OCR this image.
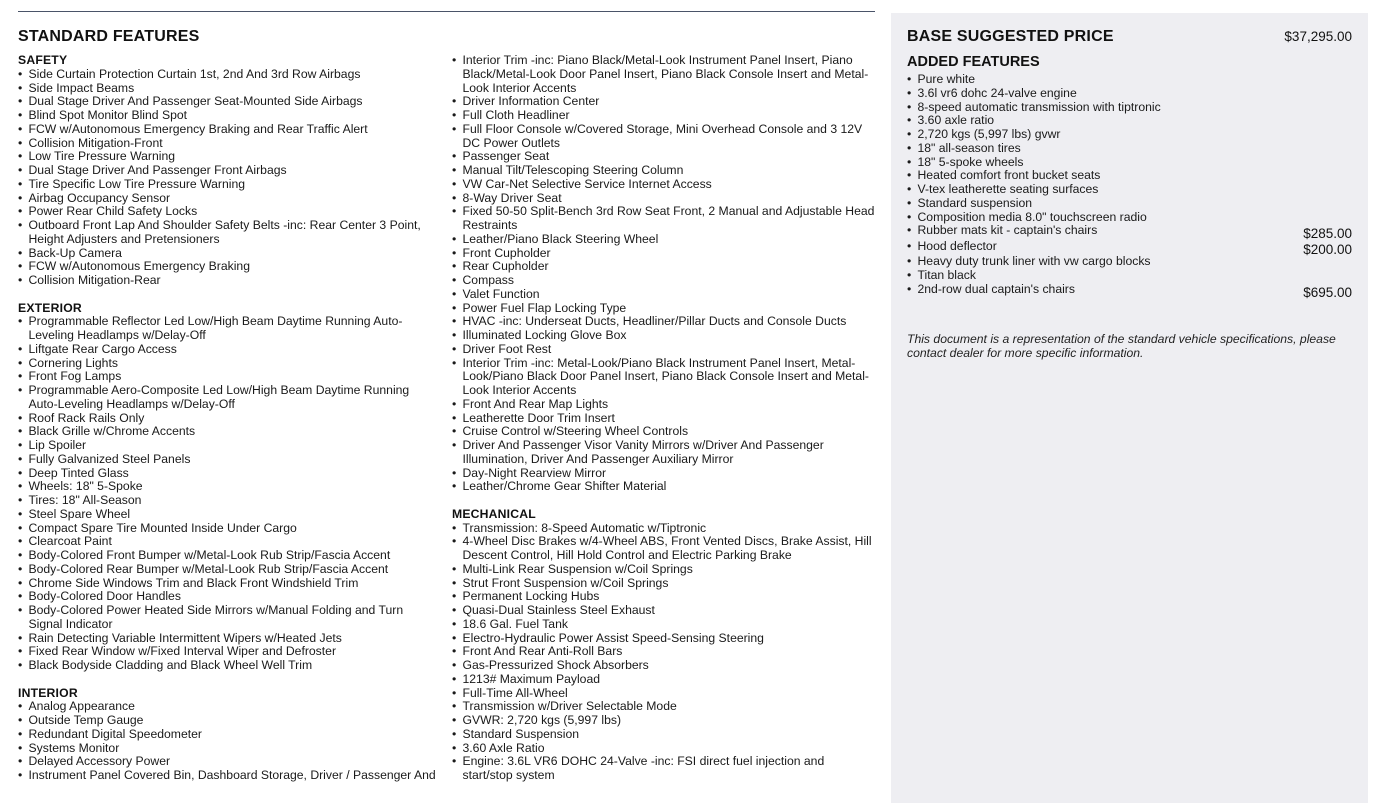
STANDARD FEATURES
SAFETY
• Side Curtain Protection Curtain 1st, 2nd And 3rd Row Airbags
• Side Impact Beams
• Dual Stage Driver And Passenger Seat-Mounted Side Airbags
• Blind Spot Monitor Blind Spot
• FCW w/Autonomous Emergency Braking and Rear Traffic Alert
• Collision Mitigation-Front
• Low Tire Pressure Warning
• Dual Stage Driver And Passenger Front Airbags
• Tire Specific Low Tire Pressure Warning
• Airbag Occupancy Sensor
• Power Rear Child Safety Locks
• Outboard Front Lap And Shoulder Safety Belts -inc: Rear Center 3 Point, Height Adjusters and Pretensioners
• Back-Up Camera
• FCW w/Autonomous Emergency Braking
• Collision Mitigation-Rear
EXTERIOR
• Programmable Reflector Led Low/High Beam Daytime Running Auto-Leveling Headlamps w/Delay-Off
• Liftgate Rear Cargo Access
• Cornering Lights
• Front Fog Lamps
• Programmable Aero-Composite Led Low/High Beam Daytime Running Auto-Leveling Headlamps w/Delay-Off
• Roof Rack Rails Only
• Black Grille w/Chrome Accents
• Lip Spoiler
• Fully Galvanized Steel Panels
• Deep Tinted Glass
• Wheels: 18" 5-Spoke
• Tires: 18" All-Season
• Steel Spare Wheel
• Compact Spare Tire Mounted Inside Under Cargo
• Clearcoat Paint
• Body-Colored Front Bumper w/Metal-Look Rub Strip/Fascia Accent
• Body-Colored Rear Bumper w/Metal-Look Rub Strip/Fascia Accent
• Chrome Side Windows Trim and Black Front Windshield Trim
• Body-Colored Door Handles
• Body-Colored Power Heated Side Mirrors w/Manual Folding and Turn Signal Indicator
• Rain Detecting Variable Intermittent Wipers w/Heated Jets
• Fixed Rear Window w/Fixed Interval Wiper and Defroster
• Black Bodyside Cladding and Black Wheel Well Trim
INTERIOR
• Analog Appearance
• Outside Temp Gauge
• Redundant Digital Speedometer
• Systems Monitor
• Delayed Accessory Power
• Instrument Panel Covered Bin, Dashboard Storage, Driver / Passenger And
• Interior Trim -inc: Piano Black/Metal-Look Instrument Panel Insert, Piano Black/Metal-Look Door Panel Insert, Piano Black Console Insert and Metal-Look Interior Accents
• Driver Information Center
• Full Cloth Headliner
• Full Floor Console w/Covered Storage, Mini Overhead Console and 3 12V DC Power Outlets
• Passenger Seat
• Manual Tilt/Telescoping Steering Column
• VW Car-Net Selective Service Internet Access
• 8-Way Driver Seat
• Fixed 50-50 Split-Bench 3rd Row Seat Front, 2 Manual and Adjustable Head Restraints
• Leather/Piano Black Steering Wheel
• Front Cupholder
• Rear Cupholder
• Compass
• Valet Function
• Power Fuel Flap Locking Type
• HVAC -inc: Underseat Ducts, Headliner/Pillar Ducts and Console Ducts
• Illuminated Locking Glove Box
• Driver Foot Rest
• Interior Trim -inc: Metal-Look/Piano Black Instrument Panel Insert, Metal-Look/Piano Black Door Panel Insert, Piano Black Console Insert and Metal-Look Interior Accents
• Front And Rear Map Lights
• Leatherette Door Trim Insert
• Cruise Control w/Steering Wheel Controls
• Driver And Passenger Visor Vanity Mirrors w/Driver And Passenger Illumination, Driver And Passenger Auxiliary Mirror
• Day-Night Rearview Mirror
• Leather/Chrome Gear Shifter Material
MECHANICAL
• Transmission: 8-Speed Automatic w/Tiptronic
• 4-Wheel Disc Brakes w/4-Wheel ABS, Front Vented Discs, Brake Assist, Hill Descent Control, Hill Hold Control and Electric Parking Brake
• Multi-Link Rear Suspension w/Coil Springs
• Strut Front Suspension w/Coil Springs
• Permanent Locking Hubs
• Quasi-Dual Stainless Steel Exhaust
• 18.6 Gal. Fuel Tank
• Electro-Hydraulic Power Assist Speed-Sensing Steering
• Front And Rear Anti-Roll Bars
• Gas-Pressurized Shock Absorbers
• 1213# Maximum Payload
• Full-Time All-Wheel
• Transmission w/Driver Selectable Mode
• GVWR: 2,720 kgs (5,997 lbs)
• Standard Suspension
• 3.60 Axle Ratio
• Engine: 3.6L VR6 DOHC 24-Valve -inc: FSI direct fuel injection and start/stop system
BASE SUGGESTED PRICE	$37,295.00
ADDED FEATURES
• Pure white
• 3.6l vr6 dohc 24-valve engine
• 8-speed automatic transmission with tiptronic
• 3.60 axle ratio
• 2,720 kgs (5,997 lbs) gvwr
• 18" all-season tires
• 18" 5-spoke wheels
• Heated comfort front bucket seats
• V-tex leatherette seating surfaces
• Standard suspension
• Composition media 8.0" touchscreen radio
• Rubber mats kit - captain's chairs	$285.00
• Hood deflector	$200.00
• Heavy duty trunk liner with vw cargo blocks
• Titan black
• 2nd-row dual captain's chairs	$695.00
This document is a representation of the standard vehicle specifications, please contact dealer for more specific information.
